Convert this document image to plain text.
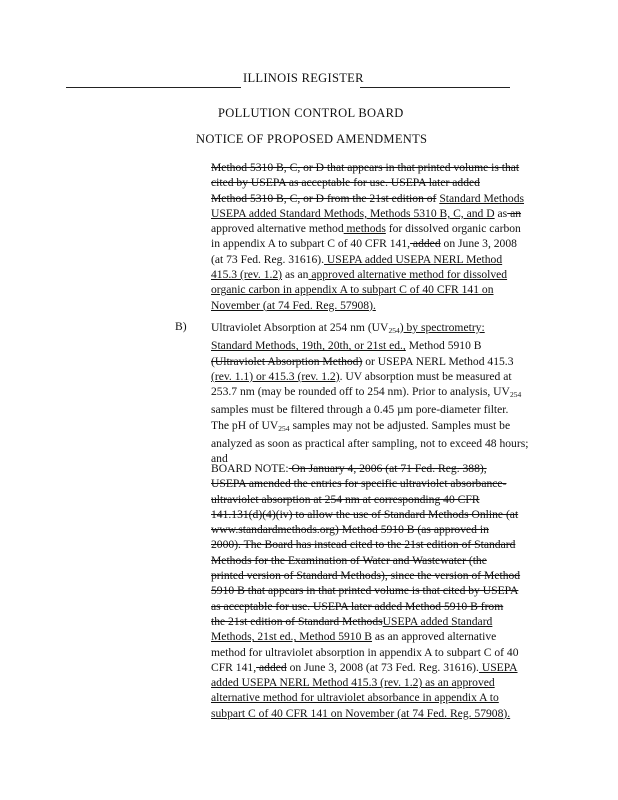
ILLINOIS REGISTER
POLLUTION CONTROL BOARD
NOTICE OF PROPOSED AMENDMENTS
Method 5310 B, C, or D that appears in that printed volume is that
cited by USEPA as acceptable for use. USEPA later added
Method 5310 B, C, or D from the 21st edition of Standard Methods
USEPA added Standard Methods, Methods 5310 B, C, and D as an
approved alternative method methods for dissolved organic carbon
in appendix A to subpart C of 40 CFR 141, added on June 3, 2008
(at 73 Fed. Reg. 31616). USEPA added USEPA NERL Method
415.3 (rev. 1.2) as an approved alternative method for dissolved
organic carbon in appendix A to subpart C of 40 CFR 141 on
November (at 74 Fed. Reg. 57908).
B) Ultraviolet Absorption at 254 nm $(UV_{254})$ by spectrometry:
Standard Methods, 19th, 20th, or 21st ed., Method 5910 B
(Ultraviolet Absorption Method) or USEPA NERL Method 415.3
(rev. 1.1) or 415.3 (rev. 1.2). UV absorption must be measured at
253.7 nm (may be rounded off to 254 nm). Prior to analysis, $UV_{254}$
samples must be filtered through a 0.45 µm pore-diameter filter.
The pH of $UV_{254}$ samples may not be adjusted. Samples must be
analyzed as soon as practical after sampling, not to exceed 48 hours;
and
BOARD NOTE: On January 4, 2006 (at 71 Fed. Reg. 388),
USEPA amended the entries for specific ultraviolet absorbance-
ultraviolet absorption at 254 nm at corresponding 40 CFR
141.131(d)(4)(iv) to allow the use of Standard Methods Online (at
www.standardmethods.org) Method 5910 B (as approved in
2000). The Board has instead cited to the 21st edition of Standard
Methods for the Examination of Water and Wastewater (the
printed version of Standard Methods), since the version of Method
5910 B that appears in that printed volume is that cited by USEPA
as acceptable for use. USEPA later added Method 5910 B from
the 21st edition of Standard MethodsUSEPA added Standard
Methods, 21st ed., Method 5910 B as an approved alternative
method for ultraviolet absorption in appendix A to subpart C of 40
CFR 141, added on June 3, 2008 (at 73 Fed. Reg. 31616). USEPA
added USEPA NERL Method 415.3 (rev. 1.2) as an approved
alternative method for ultraviolet absorbance in appendix A to
subpart C of 40 CFR 141 on November (at 74 Fed. Reg. 57908).
